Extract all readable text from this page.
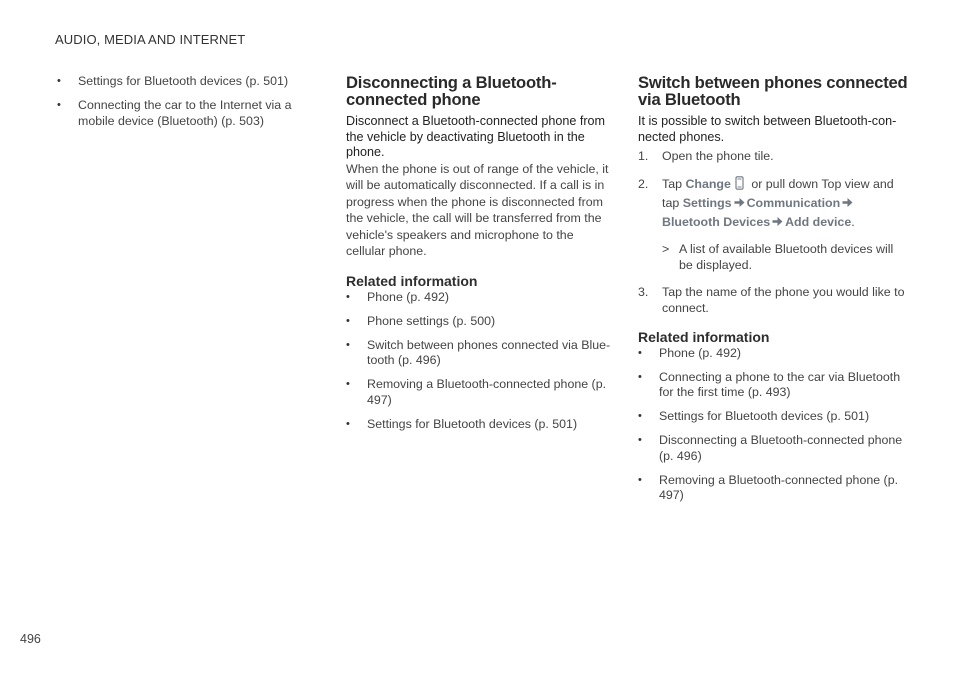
AUDIO, MEDIA AND INTERNET
• Settings for Bluetooth devices (p. 501)
• Connecting the car to the Internet via a mobile device (Bluetooth) (p. 503)
Disconnecting a Bluetooth-connected phone

Disconnect a Bluetooth-connected phone from the vehicle by deactivating Bluetooth in the phone.

When the phone is out of range of the vehicle, it will be automatically disconnected. If a call is in progress when the phone is disconnected from the vehicle, the call will be transferred from the vehicle's speakers and microphone to the cellular phone.

Related information
• Phone (p. 492)
• Phone settings (p. 500)
• Switch between phones connected via Blue-tooth (p. 496)
• Removing a Bluetooth-connected phone (p. 497)
• Settings for Bluetooth devices (p. 501)
Switch between phones connected via Bluetooth

It is possible to switch between Bluetooth-con-nected phones.

1. Open the phone tile.
2. Tap Change or pull down Top view and tap Settings Communication Bluetooth Devices Add device.
> A list of available Bluetooth devices will be displayed.
3. Tap the name of the phone you would like to connect.
Related information
• Phone (p. 492)
• Connecting a phone to the car via Bluetooth for the first time (p. 493)
• Settings for Bluetooth devices (p. 501)
• Disconnecting a Bluetooth-connected phone (p. 496)
• Removing a Bluetooth-connected phone (p. 497)
496
